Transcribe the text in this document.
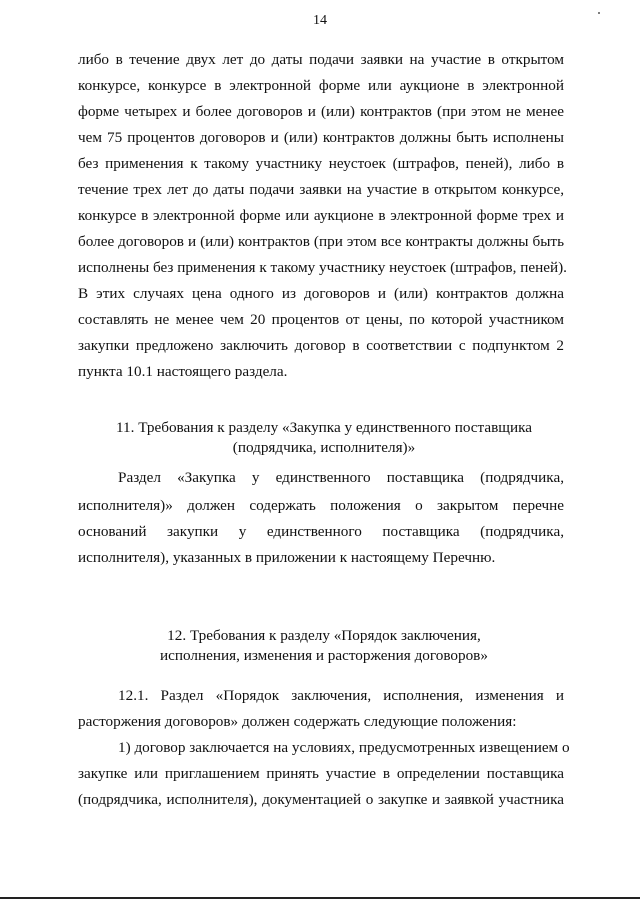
14
либо в течение двух лет до даты подачи заявки на участие в открытом
конкурсе, конкурсе в электронной форме или аукционе в электронной
форме четырех и более договоров и (или) контрактов (при этом не менее
чем 75 процентов договоров и (или) контрактов должны быть исполнены
без применения к такому участнику неустоек (штрафов, пеней), либо в
течение трех лет до даты подачи заявки на участие в открытом конкурсе,
конкурсе в электронной форме или аукционе в электронной форме трех и
более договоров и (или) контрактов (при этом все контракты должны быть
исполнены без применения к такому участнику неустоек (штрафов, пеней).
В этих случаях цена одного из договоров и (или) контрактов должна
составлять не менее чем 20 процентов от цены, по которой участником
закупки предложено заключить договор в соответствии с подпунктом 2
пункта 10.1 настоящего раздела.
11. Требования к разделу «Закупка у единственного поставщика
(подрядчика, исполнителя)»
Раздел «Закупка у единственного поставщика (подрядчика,
исполнителя)» должен содержать положения о закрытом перечне
оснований закупки у единственного поставщика (подрядчика,
исполнителя), указанных в приложении к настоящему Перечню.
12. Требования к разделу «Порядок заключения,
исполнения, изменения и расторжения договоров»
12.1. Раздел «Порядок заключения, исполнения, изменения и
расторжения договоров» должен содержать следующие положения:
1) договор заключается на условиях, предусмотренных извещением о
закупке или приглашением принять участие в определении поставщика
(подрядчика, исполнителя), документацией о закупке и заявкой участника
